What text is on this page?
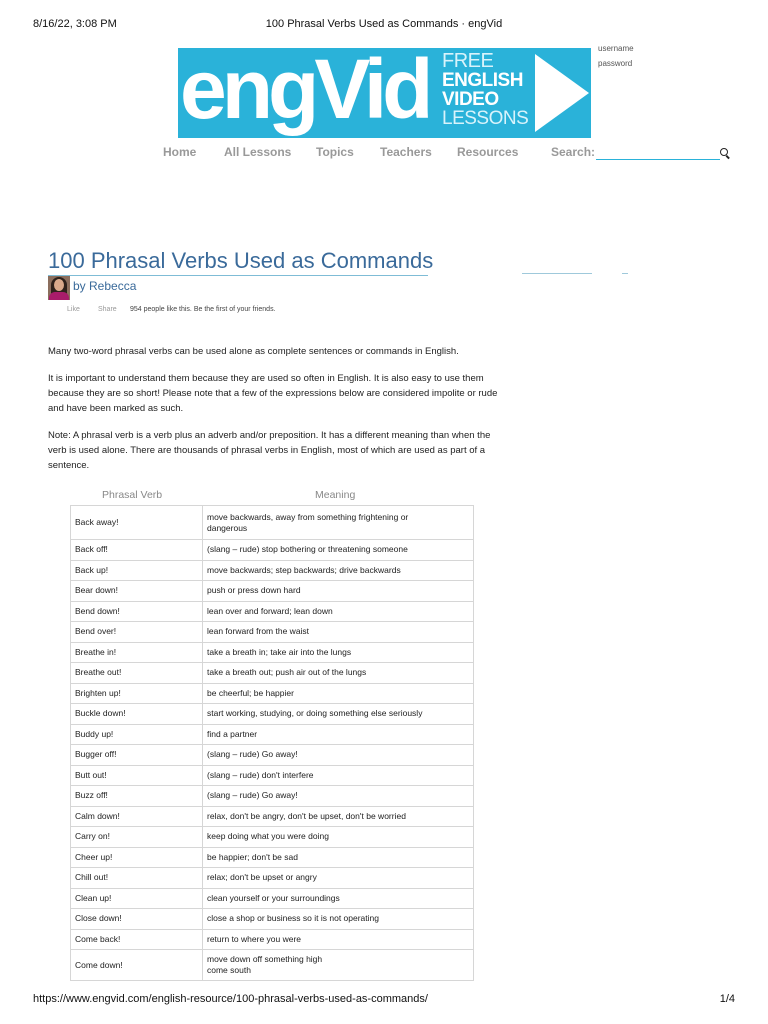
8/16/22, 3:08 PM	100 Phrasal Verbs Used as Commands · engVid
engVid FREE
ENGLISH
VIDEO
LESSONS
username
password
Home All Lessons Topics Teachers Resources	Search:
100 Phrasal Verbs Used as Commands
by Rebecca
Like	Share 954 people like this. Be the first of your friends.

Many two-word phrasal verbs can be used alone as complete sentences or commands in English.

It is important to understand them because they are used so often in English. It is also easy to use them because they are so short! Please note that a few of the expressions below are considered impolite or rude and have been marked as such.

Note: A phrasal verb is a verb plus an adverb and/or preposition. It has a different meaning than when the verb is used alone. There are thousands of phrasal verbs in English, most of which are used as part of a sentence.

Phrasal Verb	Meaning
Back away!	move backwards, away from something frightening or
dangerous
Back off!	(slang – rude) stop bothering or threatening someone
Back up!	move backwards; step backwards; drive backwards
Bear down!	push or press down hard
Bend down!	lean over and forward; lean down
Bend over!	lean forward from the waist
Breathe in!	take a breath in; take air into the lungs
Breathe out!	take a breath out; push air out of the lungs
Brighten up!	be cheerful; be happier
Buckle down!	start working, studying, or doing something else seriously
Buddy up!	find a partner
Bugger off!	(slang – rude) Go away!
Butt out!	(slang – rude) don't interfere
Buzz off!	(slang – rude) Go away!
Calm down!	relax, don't be angry, don't be upset, don't be worried
Carry on!	keep doing what you were doing
Cheer up!	be happier; don't be sad
Chill out!	relax; don't be upset or angry
Clean up!	clean yourself or your surroundings
Close down!	close a shop or business so it is not operating
Come back!	return to where you were
Come down!	move down off something high
come south
https://www.engvid.com/english-resource/100-phrasal-verbs-used-as-commands/	1/4
